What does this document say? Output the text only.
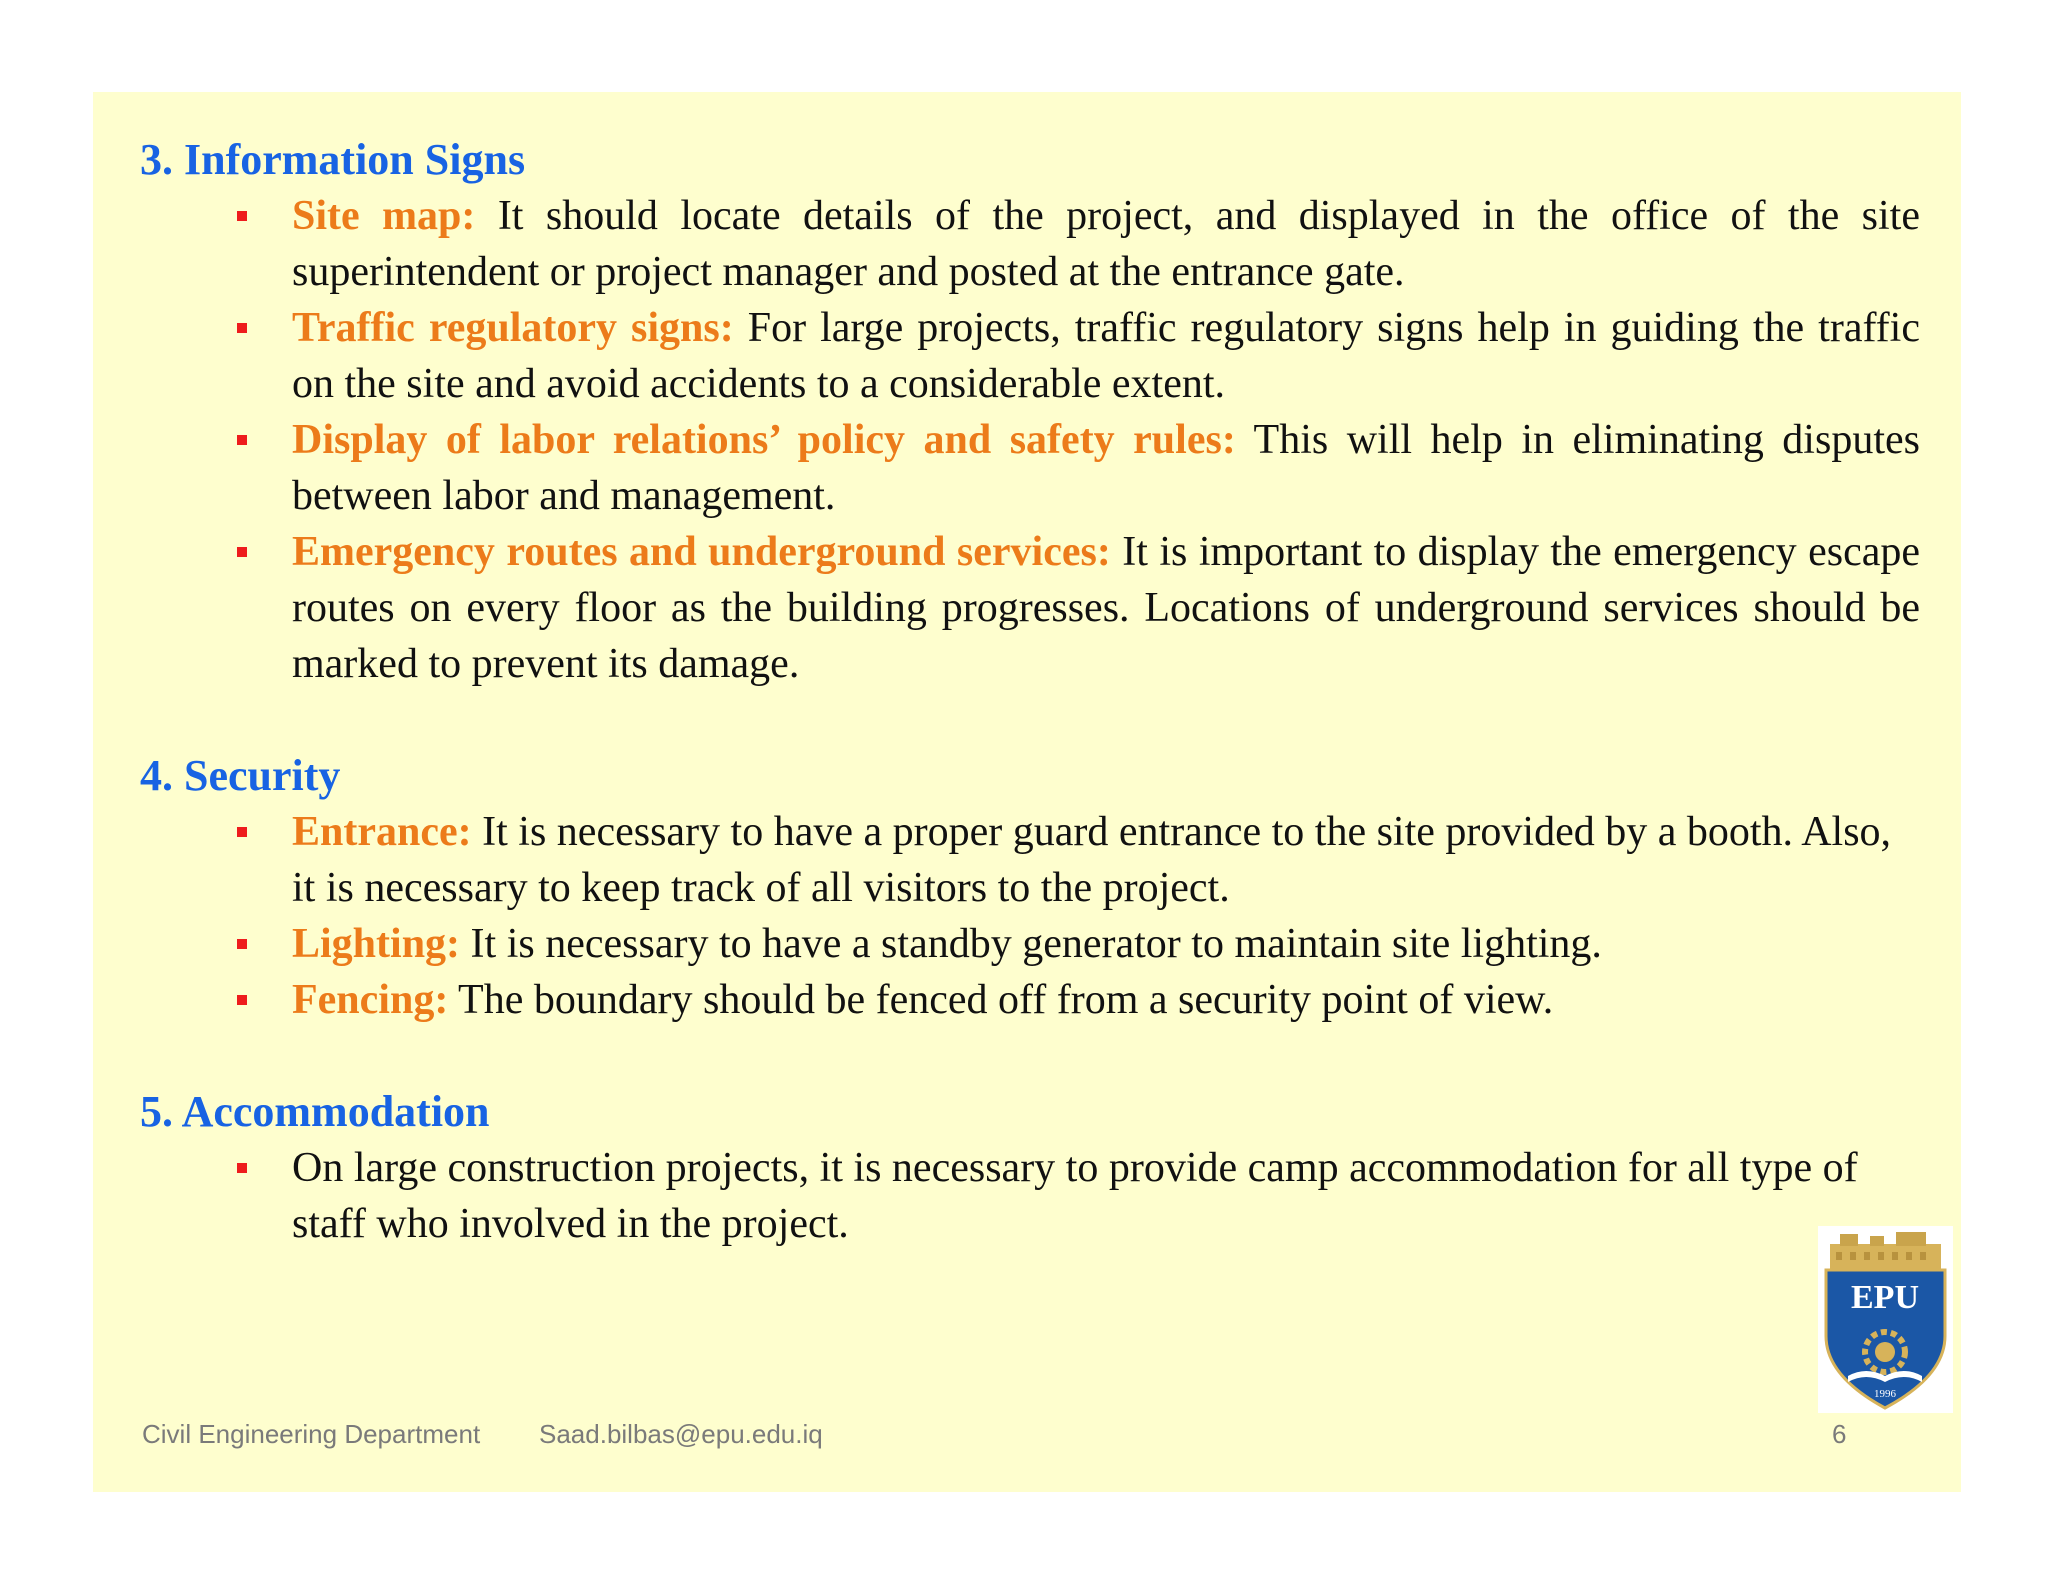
3. Information Signs
Site map: It should locate details of the project, and displayed in the office of the site superintendent or project manager and posted at the entrance gate.
Traffic regulatory signs: For large projects, traffic regulatory signs help in guiding the traffic on the site and avoid accidents to a considerable extent.
Display of labor relations’ policy and safety rules: This will help in eliminating disputes between labor and management.
Emergency routes and underground services: It is important to display the emergency escape routes on every floor as the building progresses. Locations of underground services should be marked to prevent its damage.
4. Security
Entrance: It is necessary to have a proper guard entrance to the site provided by a booth. Also, it is necessary to keep track of all visitors to the project.
Lighting: It is necessary to have a standby generator to maintain site lighting.
Fencing: The boundary should be fenced off from a security point of view.
5. Accommodation
On large construction projects, it is necessary to provide camp accommodation for all type of staff who involved in the project.
EPU
1996
Civil Engineering Department Saad.bilbas@epu.edu.iq	6
